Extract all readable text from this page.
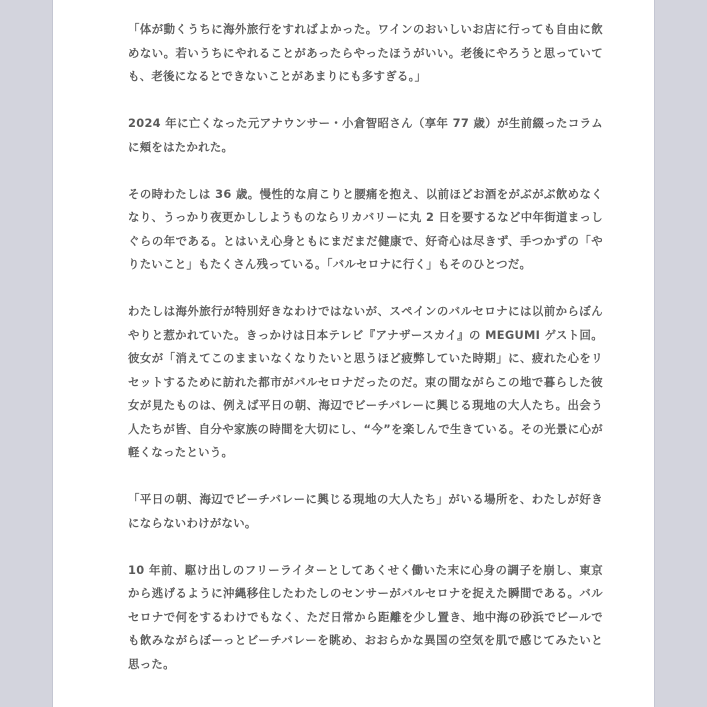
「体が動くうちに海外旅行をすればよかった。ワインのおいしいお店に行っても自由に飲めない。若いうちにやれることがあったらやったほうがいい。老後にやろうと思っていても、老後になるとできないことがあまりにも多すぎる。」

2024 年に亡くなった元アナウンサー・小倉智昭さん（享年 77 歳）が生前綴ったコラムに頬をはたかれた。

その時わたしは 36 歳。慢性的な肩こりと腰痛を抱え、以前ほどお酒をがぶがぶ飲めなくなり、うっかり夜更かししようものならリカバリーに丸 2 日を要するなど中年街道まっしぐらの年である。とはいえ心身ともにまだまだ健康で、好奇心は尽きず、手つかずの「やりたいこと」もたくさん残っている。「バルセロナに行く」もそのひとつだ。

わたしは海外旅行が特別好きなわけではないが、スペインのバルセロナには以前からぼんやりと惹かれていた。きっかけは日本テレビ『アナザースカイ』の MEGUMI ゲスト回。彼女が「消えてこのままいなくなりたいと思うほど疲弊していた時期」に、疲れた心をリセットするために訪れた都市がバルセロナだったのだ。束の間ながらこの地で暮らした彼女が見たものは、例えば平日の朝、海辺でビーチバレーに興じる現地の大人たち。出会う人たちが皆、自分や家族の時間を大切にし、“今”を楽しんで生きている。その光景に心が軽くなったという。

「平日の朝、海辺でビーチバレーに興じる現地の大人たち」がいる場所を、わたしが好きにならないわけがない。

10 年前、駆け出しのフリーライターとしてあくせく働いた末に心身の調子を崩し、東京から逃げるように沖縄移住したわたしのセンサーがバルセロナを捉えた瞬間である。バルセロナで何をするわけでもなく、ただ日常から距離を少し置き、地中海の砂浜でビールでも飲みながらぼーっとビーチバレーを眺め、おおらかな異国の空気を肌で感じてみたいと思った。
